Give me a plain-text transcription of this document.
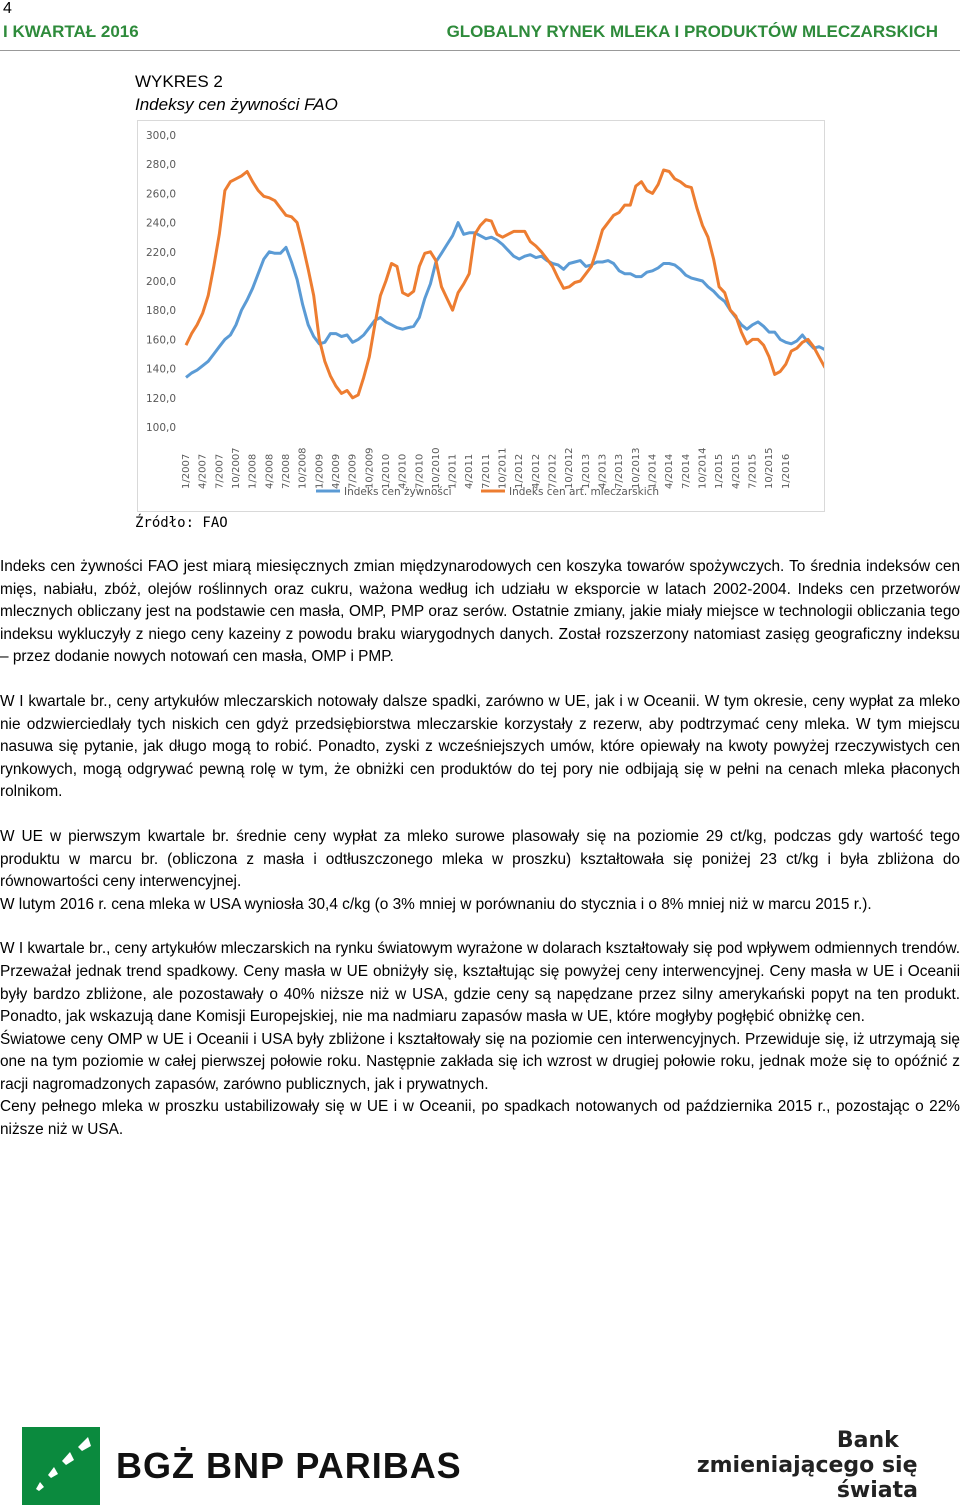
4
I KWARTAŁ 2016	GLOBALNY RYNEK MLEKA I PRODUKTÓW MLECZARSKICH
WYKRES 2
Indeksy cen żywności FAO
100,0
120,0
140,0
160,0
180,0
200,0
220,0
240,0
260,0
280,0
300,0
1/2007 4/2007 7/2007 10/2007 1/2008 4/2008 7/2008 10/2008 1/2009 4/2009 7/2009 10/2009 1/2010 4/2010 7/2010 10/2010 1/2011 4/2011 7/2011 10/2011 1/2012 4/2012 7/2012 10/2012 1/2013 4/2013 7/2013 10/2013 1/2014 4/2014 7/2014 10/2014 1/2015 4/2015 7/2015 10/2015 1/2016
Indeks cen żywności	Indeks cen art. mleczarskich
Źródło: FAO

Indeks cen żywności FAO jest miarą miesięcznych zmian międzynarodowych cen koszyka towarów spożywczych. To średnia indeksów cen mięs, nabiału, zbóż, olejów roślinnych oraz cukru, ważona według ich udziału w eksporcie w latach 2002-2004. Indeks cen przetworów mlecznych obliczany jest na podstawie cen masła, OMP, PMP oraz serów. Ostatnie zmiany, jakie miały miejsce w technologii obliczania tego indeksu wykluczyły z niego ceny kazeiny z powodu braku wiarygodnych danych. Został rozszerzony natomiast zasięg geograficzny indeksu – przez dodanie nowych notowań cen masła, OMP i PMP.

W I kwartale br., ceny artykułów mleczarskich notowały dalsze spadki, zarówno w UE, jak i w Oceanii. W tym okresie, ceny wypłat za mleko nie odzwierciedlały tych niskich cen gdyż przedsiębiorstwa mleczarskie korzystały z rezerw, aby podtrzymać ceny mleka. W tym miejscu nasuwa się pytanie, jak długo mogą to robić. Ponadto, zyski z wcześniejszych umów, które opiewały na kwoty powyżej rzeczywistych cen rynkowych, mogą odgrywać pewną rolę w tym, że obniżki cen produktów do tej pory nie odbijają się w pełni na cenach mleka płaconych rolnikom.

W UE w pierwszym kwartale br. średnie ceny wypłat za mleko surowe plasowały się na poziomie 29 ct/kg, podczas gdy wartość tego produktu w marcu br. (obliczona z masła i odtłuszczonego mleka w proszku) kształtowała się poniżej 23 ct/kg i była zbliżona do równowartości ceny interwencyjnej.

W lutym 2016 r. cena mleka w USA wyniosła 30,4 c/kg (o 3% mniej w porównaniu do stycznia i o 8% mniej niż w marcu 2015 r.).

W I kwartale br., ceny artykułów mleczarskich na rynku światowym wyrażone w dolarach kształtowały się pod wpływem odmiennych trendów. Przeważał jednak trend spadkowy. Ceny masła w UE obniżyły się, kształtując się powyżej ceny interwencyjnej. Ceny masła w UE i Oceanii były bardzo zbliżone, ale pozostawały o 40% niższe niż w USA, gdzie ceny są napędzane przez silny amerykański popyt na ten produkt. Ponadto, jak wskazują dane Komisji Europejskiej, nie ma nadmiaru zapasów masła w UE, które mogłyby pogłębić obniżkę cen.

Światowe ceny OMP w UE i Oceanii i USA były zbliżone i kształtowały się na poziomie cen interwencyjnych. Przewiduje się, iż utrzymają się one na tym poziomie w całej pierwszej połowie roku. Następnie zakłada się ich wzrost w drugiej połowie roku, jednak może się to opóźnić z racji nagromadzonych zapasów, zarówno publicznych, jak i prywatnych.

Ceny pełnego mleka w proszku ustabilizowały się w UE i w Oceanii, po spadkach notowanych od października 2015 r., pozostając o 22% niższe niż w USA.

BGŻ BNP PARIBAS
Bank
zmieniającego się
świata
